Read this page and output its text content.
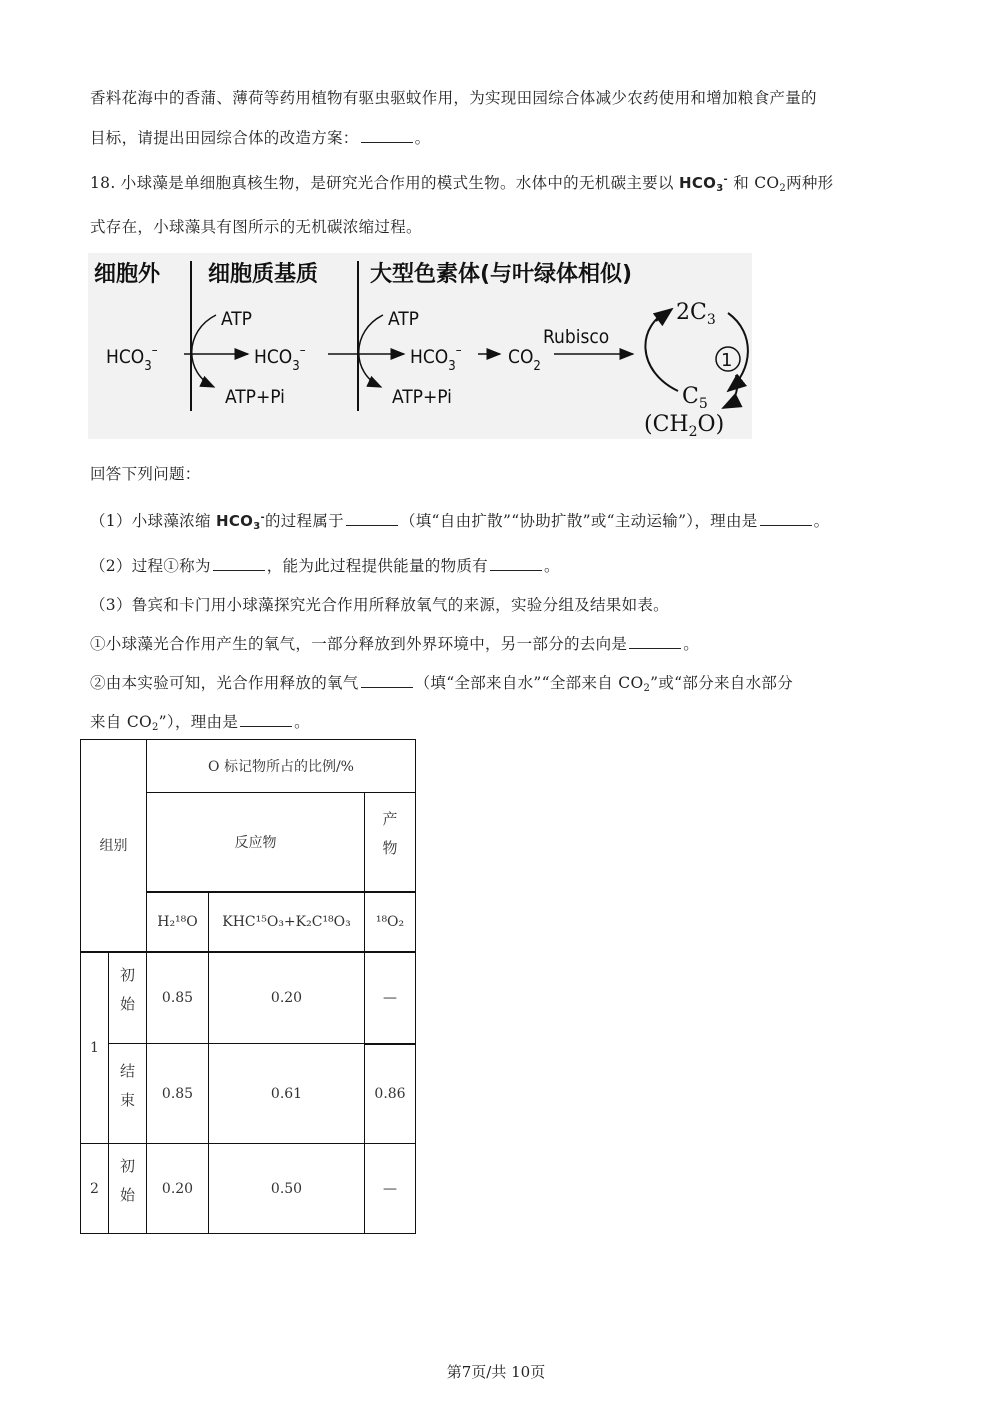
香料花海中的香蒲、薄荷等药用植物有驱虫驱蚊作用，为实现田园综合体减少农药使用和增加粮食产量的
目标，请提出田园综合体的改造方案：	。
18. 小球藻是单细胞真核生物，是研究光合作用的模式生物。水体中的无机碳主要以 $HCO_3^-$ 和 $CO_2$两种形
式存在，小球藻具有图所示的无机碳浓缩过程。
细胞外 细胞质基质 大型色素体(与叶绿体相似)
$HCO_3^-$
ATP
ATP+Pi
$HCO_3^-$
ATP
ATP+Pi
$HCO_3^-$ $CO_2$
Rubisco
$2C_3$
$C_5$
1
$(CH_2O)$
回答下列问题：
（1）小球藻浓缩 $HCO_3^-$的过程属于	（填“自由扩散”“协助扩散”或“主动运输”），理由是	。
（2）过程①称为	，能为此过程提供能量的物质有	。
（3）鲁宾和卡门用小球藻探究光合作用所释放氧气的来源，实验分组及结果如表。
①小球藻光合作用产生的氧气，一部分释放到外界环境中，另一部分的去向是	。
②由本实验可知，光合作用释放的氧气	（填“全部来自水”“全部来自 $CO_2$”或“部分来自水部分
来自 $CO_2$”），理由是	。
组别		O 标记物所占的比例/%		
		反应物		产物
		H₂¹⁸O	KHC¹⁵O₃+K₂C¹⁸O₃	¹⁸O₂
1	初始	0.85	0.20	—
	结束	0.85	0.61	0.86
2	初始	0.20	0.50	—
第7页/共 10页
